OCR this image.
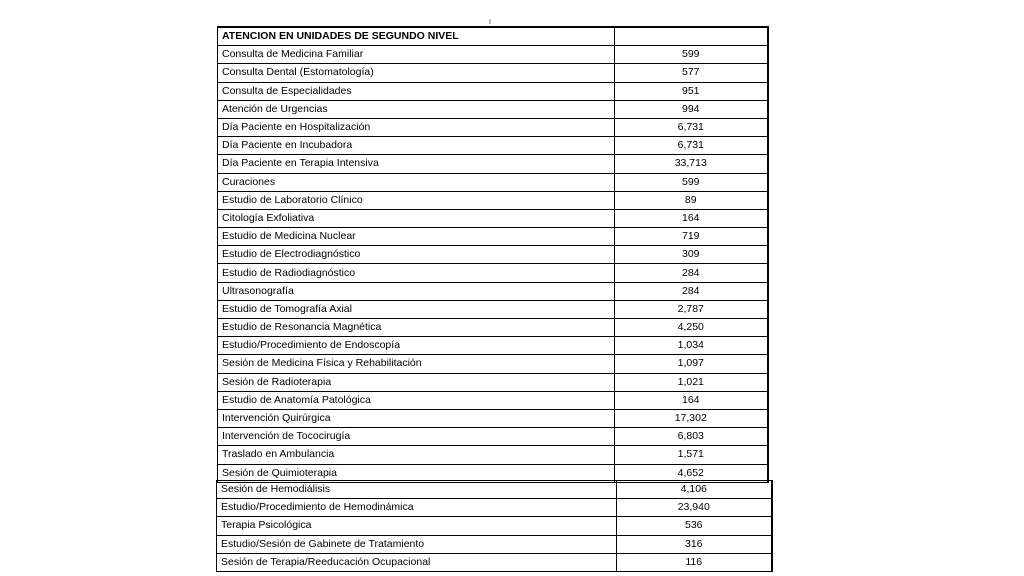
ATENCION EN UNIDADES DE SEGUNDO NIVEL	
Consulta de Medicina Familiar	599
Consulta Dental (Estomatología)	577
Consulta de Especialidades	951
Atención de Urgencias	994
Día Paciente en Hospitalización	6,731
Día Paciente en Incubadora	6,731
Día Paciente en Terapia Intensiva	33,713
Curaciones	599
Estudio de Laboratorio Clínico	89
Citología Exfoliativa	164
Estudio de Medicina Nuclear	719
Estudio de Electrodiagnóstico	309
Estudio de Radiodiagnóstico	284
Ultrasonografía	284
Estudio de Tomografía Axial	2,787
Estudio de Resonancia Magnética	4,250
Estudio/Procedimiento de Endoscopía	1,034
Sesión de Medicina Física y Rehabilitación	1,097
Sesión de Radioterapia	1,021
Estudio de Anatomía Patológica	164
Intervención Quirúrgica	17,302
Intervención de Tococirugía	6,803
Traslado en Ambulancia	1,571
Sesión de Quimioterapia	4,652
Sesión de Hemodiálisis	4,106
Estudio/Procedimiento de Hemodinámica	23,940
Terapia Psicológica	536
Estudio/Sesión de Gabinete de Tratamiento	316
Sesión de Terapia/Reeducación Ocupacional	116
